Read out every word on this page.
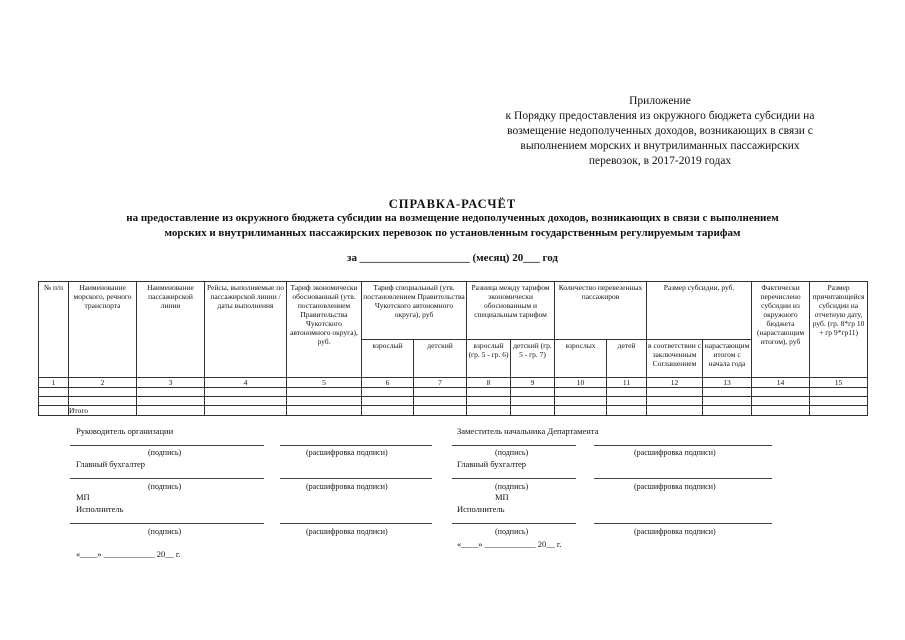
Приложение
к Порядку предоставления из окружного бюджета субсидии на
возмещение недополученных доходов, возникающих в связи с
выполнением морских и внутрилиманных пассажирских
перевозок, в 2017-2019 годах
СПРАВКА-РАСЧЁТ
на предоставление из окружного бюджета субсидии на возмещение недополученных доходов, возникающих в связи с выполнением
морских и внутрилиманных пассажирских перевозок по установленным государственным регулируемым тарифам
за ____________________ (месяц) 20___ год
№ п/п	Наименование морского, речного транспорта	Наименование пассажирской линии	Рейсы, выполняемые по пассажирской линии / даты выполнения	Тариф экономически обоснованный (утв. постановлением Правительства Чукотского автономного округа), руб.	Тариф специальный (утв. постановлением Правительства Чукотского автономного округа), руб		Разница между тарифом экономически обоснованным и специальным тарифом		Количество перевезенных пассажиров		Размер субсидии, руб.		Фактически перечислено субсидии из окружного бюджета (нарастающим итогом), руб	Размер причитающейся субсидии на отчетную дату, руб. (гр. 8*гр 10 + гр 9*гр11)
					взрослый	детский	взрослый (гр. 5 - гр. 6)	детский (гр. 5 - гр. 7)	взрослых	детей	в соответствии с заключенным Соглашением	нарастающим итогом с начала года		
1	2	3	4	5	6	7	8	9	10	11	12	13	14	15

	Итого													
Руководитель организации
(подпись)	(расшифровка подписи)
Главный бухгалтер
(подпись)	(расшифровка подписи)
МП
Исполнитель
(подпись)	(расшифровка подписи)
«____» ____________ 20__ г.
Заместитель начальника Департамента
(подпись)	(расшифровка подписи)
Главный бухгалтер
(подпись)	(расшифровка подписи)
МП
Исполнитель
(подпись)	(расшифровка подписи)
«____» ____________ 20__ г.
